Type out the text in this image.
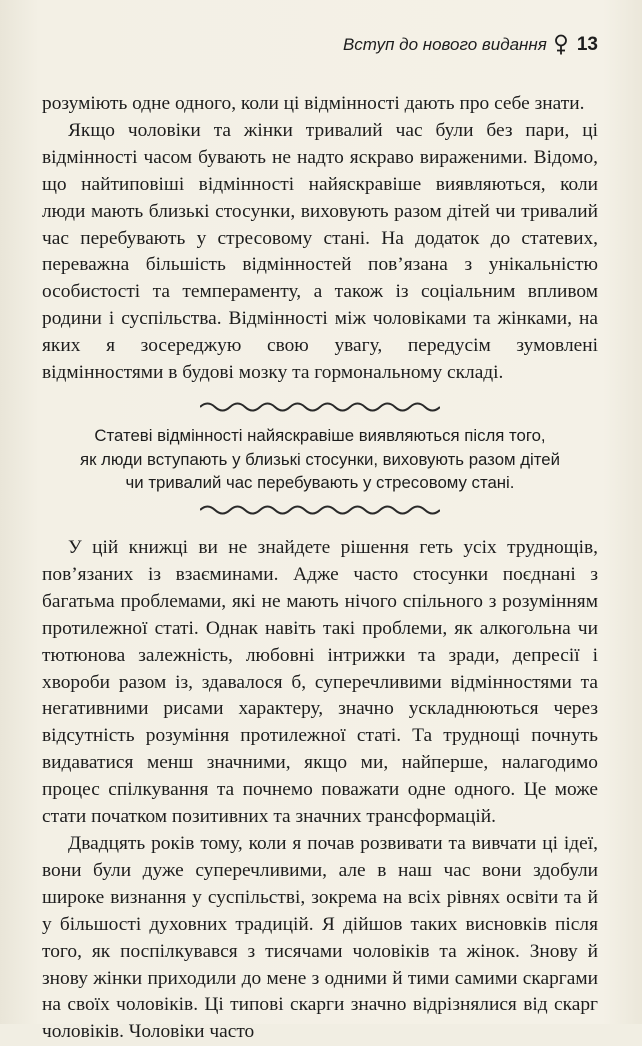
Вступ до нового видання 13

розуміють одне одного, коли ці відмінності дають про себе знати.

Якщо чоловіки та жінки тривалий час були без пари, ці відмінності часом бувають не надто яскраво вираженими. Відомо, що найтиповіші відмінності найяскравіше виявляються, коли люди мають близькі стосунки, виховують разом дітей чи тривалий час перебувають у стресовому стані. На додаток до статевих, переважна більшість відмінностей пов’язана з унікальністю особистості та темпераменту, а також із соціальним впливом родини і суспільства. Відмінності між чоловіками та жінками, на яких я зосереджую свою увагу, передусім зумовлені відмінностями в будові мозку та гормональному складі.

Статеві відмінності найяскравіше виявляються після того,
як люди вступають у близькі стосунки, виховують разом дітей
чи тривалий час перебувають у стресовому стані.

У цій книжці ви не знайдете рішення геть усіх труднощів, пов’язаних із взаєминами. Адже часто стосунки поєднані з багатьма проблемами, які не мають нічого спільного з розумінням протилежної статі. Однак навіть такі проблеми, як алкогольна чи тютюнова залежність, любовні інтрижки та зради, депресії і хвороби разом із, здавалося б, суперечливими відмінностями та негативними рисами характеру, значно ускладнюються через відсутність розуміння протилежної статі. Та труднощі почнуть видаватися менш значними, якщо ми, найперше, налагодимо процес спілкування та почнемо поважати одне одного. Це може стати початком позитивних та значних трансформацій.

Двадцять років тому, коли я почав розвивати та вивчати ці ідеї, вони були дуже суперечливими, але в наш час вони здобули широке визнання у суспільстві, зокрема на всіх рівнях освіти та й у більшості духовних традицій. Я дійшов таких висновків після того, як поспілкувався з тисячами чоловіків та жінок. Знову й знову жінки приходили до мене з одними й тими самими скаргами на своїх чоловіків. Ці типові скарги значно відрізнялися від скарг чоловіків. Чоловіки часто
